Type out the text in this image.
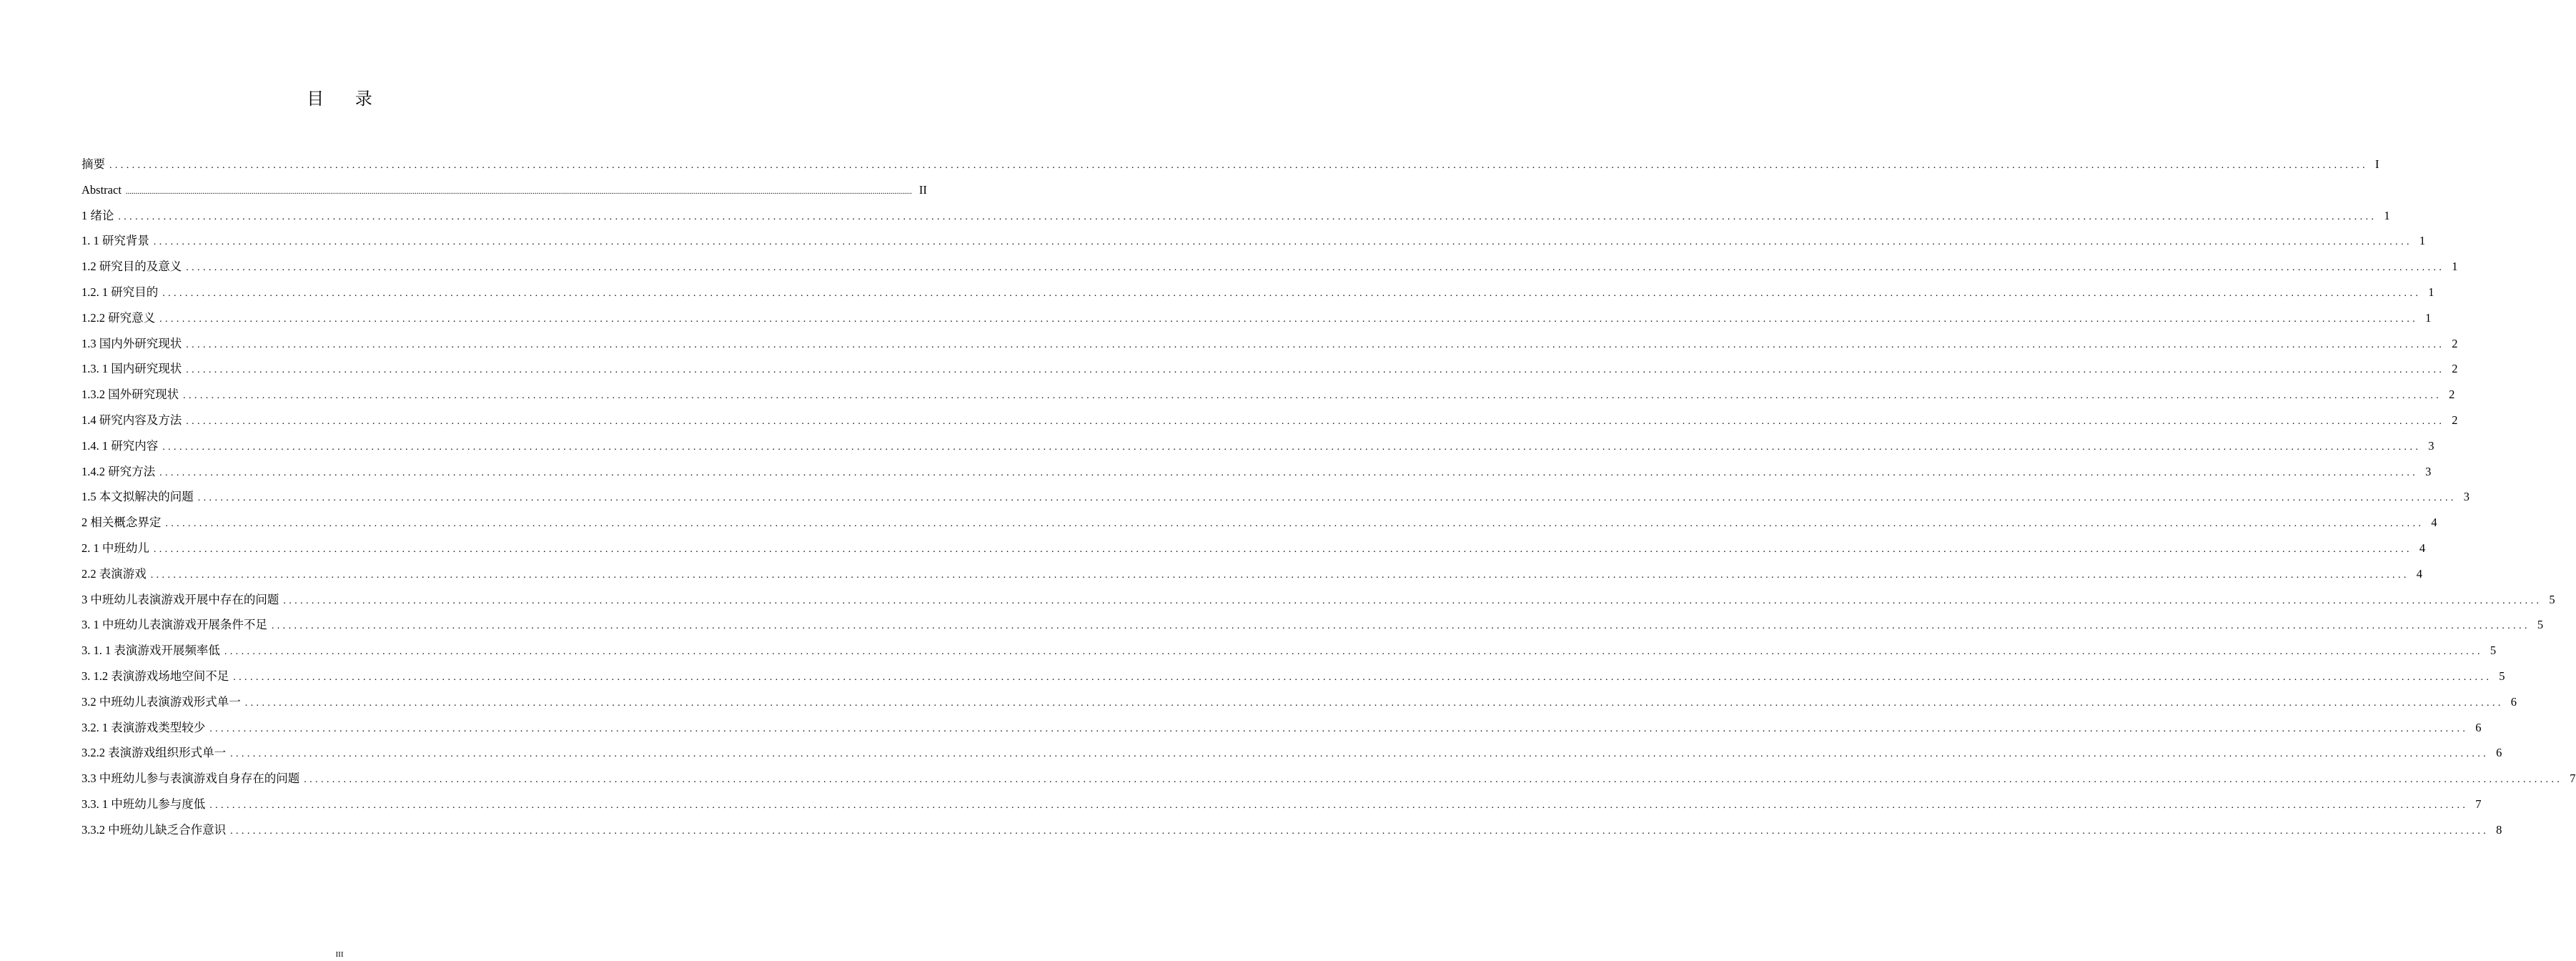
目 录
摘要 ................................................................................................................................................................................................................................................................................................................................................................................................................ I
Abstract ................................................................................................................................................................................................................................................................................................................................................................................................................ II
1 绪论 ................................................................................................................................................................................................................................................................................................................................................................................................................ 1
1. 1 研究背景 ................................................................................................................................................................................................................................................................................................................................................................................................................ 1
1.2 研究目的及意义 ................................................................................................................................................................................................................................................................................................................................................................................................................ 1
1.2. 1 研究目的 ................................................................................................................................................................................................................................................................................................................................................................................................................ 1
1.2.2 研究意义 ................................................................................................................................................................................................................................................................................................................................................................................................................ 1
1.3 国内外研究现状 ................................................................................................................................................................................................................................................................................................................................................................................................................ 2
1.3. 1 国内研究现状 ................................................................................................................................................................................................................................................................................................................................................................................................................ 2
1.3.2 国外研究现状 ................................................................................................................................................................................................................................................................................................................................................................................................................ 2
1.4 研究内容及方法 ................................................................................................................................................................................................................................................................................................................................................................................................................ 2
1.4. 1 研究内容 ................................................................................................................................................................................................................................................................................................................................................................................................................ 3
1.4.2 研究方法 ................................................................................................................................................................................................................................................................................................................................................................................................................ 3
1.5 本文拟解决的问题 ................................................................................................................................................................................................................................................................................................................................................................................................................ 3
2 相关概念界定 ................................................................................................................................................................................................................................................................................................................................................................................................................ 4
2. 1 中班幼儿 ................................................................................................................................................................................................................................................................................................................................................................................................................ 4
2.2 表演游戏 ................................................................................................................................................................................................................................................................................................................................................................................................................ 4
3 中班幼儿表演游戏开展中存在的问题 ................................................................................................................................................................................................................................................................................................................................................................................................................ 5
3. 1 中班幼儿表演游戏开展条件不足 ................................................................................................................................................................................................................................................................................................................................................................................................................ 5
3. 1. 1 表演游戏开展频率低 ................................................................................................................................................................................................................................................................................................................................................................................................................ 5
3. 1.2 表演游戏场地空间不足 ................................................................................................................................................................................................................................................................................................................................................................................................................ 5
3.2 中班幼儿表演游戏形式单一 ................................................................................................................................................................................................................................................................................................................................................................................................................ 6
3.2. 1 表演游戏类型较少 ................................................................................................................................................................................................................................................................................................................................................................................................................ 6
3.2.2 表演游戏组织形式单一 ................................................................................................................................................................................................................................................................................................................................................................................................................ 6
3.3 中班幼儿参与表演游戏自身存在的问题 ................................................................................................................................................................................................................................................................................................................................................................................................................ 7
3.3. 1 中班幼儿参与度低 ................................................................................................................................................................................................................................................................................................................................................................................................................ 7
3.3.2 中班幼儿缺乏合作意识 ................................................................................................................................................................................................................................................................................................................................................................................................................ 8
III
